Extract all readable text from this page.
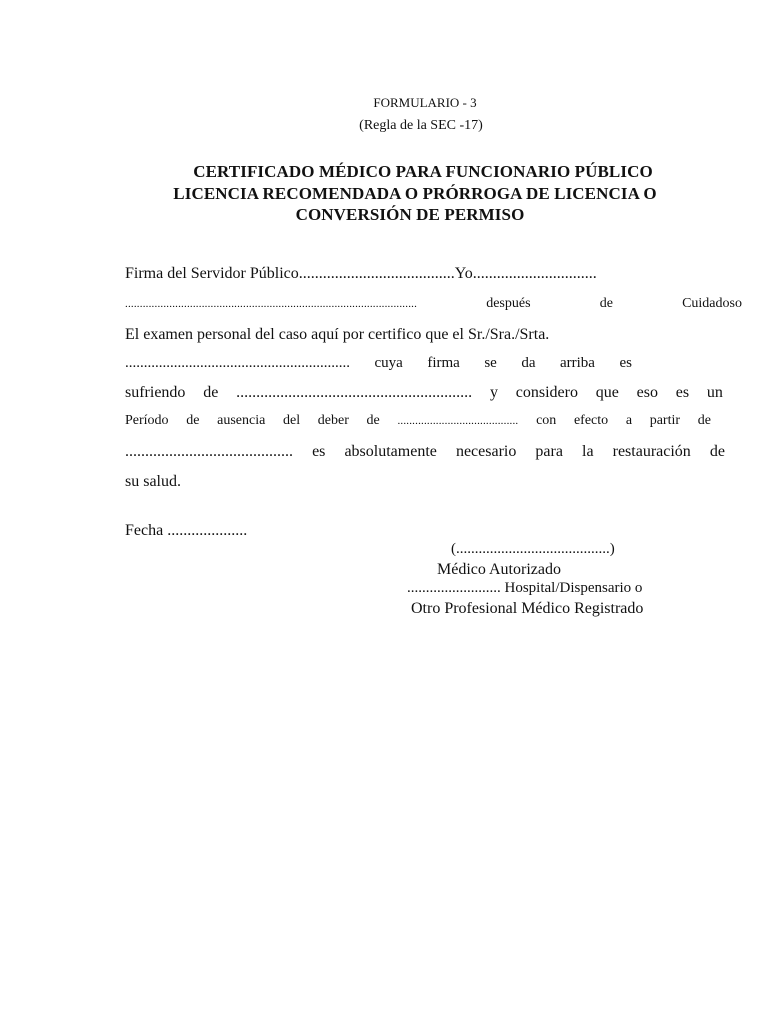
FORMULARIO - 3
(Regla de la SEC -17)
CERTIFICADO MÉDICO PARA FUNCIONARIO PÚBLICO
LICENCIA RECOMENDADA O PRÓRROGA DE LICENCIA O
CONVERSIÓN DE PERMISO
Firma del Servidor Público.......................................Yo...............................
...................................................................................................	después	de	Cuidadoso
El examen personal del caso aquí por certifico que el Sr./Sra./Srta.
............................................................ cuya firma se da arriba es
sufriendo de ........................................................... y considero que eso es un
Período de ausencia del deber de ......................................... con efecto a partir de
.......................................... es absolutamente necesario para la restauración de
su salud.
Fecha ....................
(.........................................)
Médico Autorizado
......................... Hospital/Dispensario o
Otro Profesional Médico Registrado
